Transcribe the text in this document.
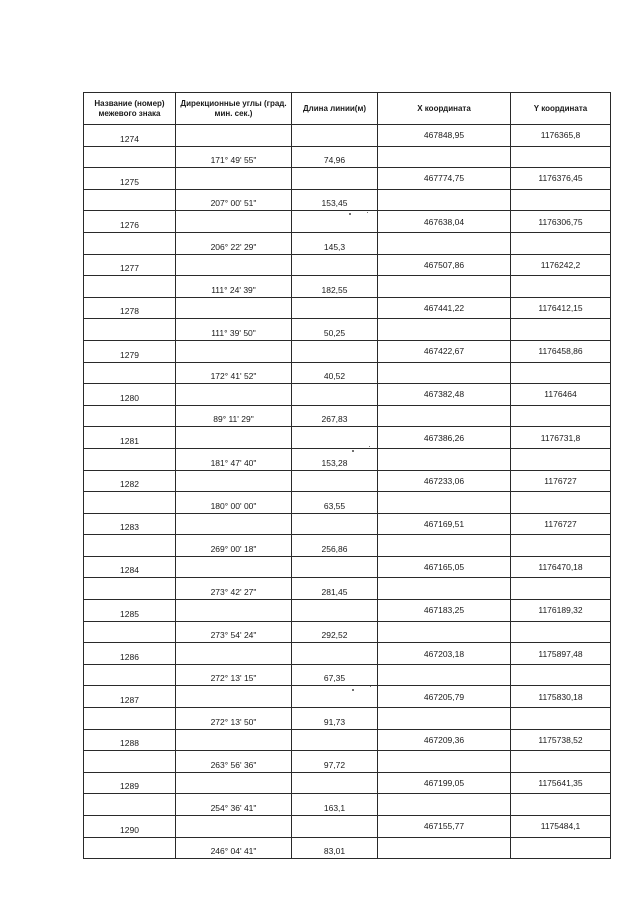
Название (номер) межевого знака	Дирекционные углы (град. мин. сек.)	Длина линии(м)	X координата	Y координата
1274			467848,95	1176365,8
	171° 49' 55"	74,96		
1275			467774,75	1176376,45
	207° 00' 51"	153,45		
1276			467638,04	1176306,75
	206° 22' 29"	145,3		
1277			467507,86	1176242,2
	111° 24' 39"	182,55		
1278			467441,22	1176412,15
	111° 39' 50"	50,25		
1279			467422,67	1176458,86
	172° 41' 52"	40,52		
1280			467382,48	1176464
	89° 11' 29"	267,83		
1281			467386,26	1176731,8
	181° 47' 40"	153,28		
1282			467233,06	1176727
	180° 00' 00"	63,55		
1283			467169,51	1176727
	269° 00' 18"	256,86		
1284			467165,05	1176470,18
	273° 42' 27"	281,45		
1285			467183,25	1176189,32
	273° 54' 24"	292,52		
1286			467203,18	1175897,48
	272° 13' 15"	67,35		
1287			467205,79	1175830,18
	272° 13' 50"	91,73		
1288			467209,36	1175738,52
	263° 56' 36"	97,72		
1289			467199,05	1175641,35
	254° 36' 41"	163,1		
1290			467155,77	1175484,1
	246° 04' 41"	83,01		
